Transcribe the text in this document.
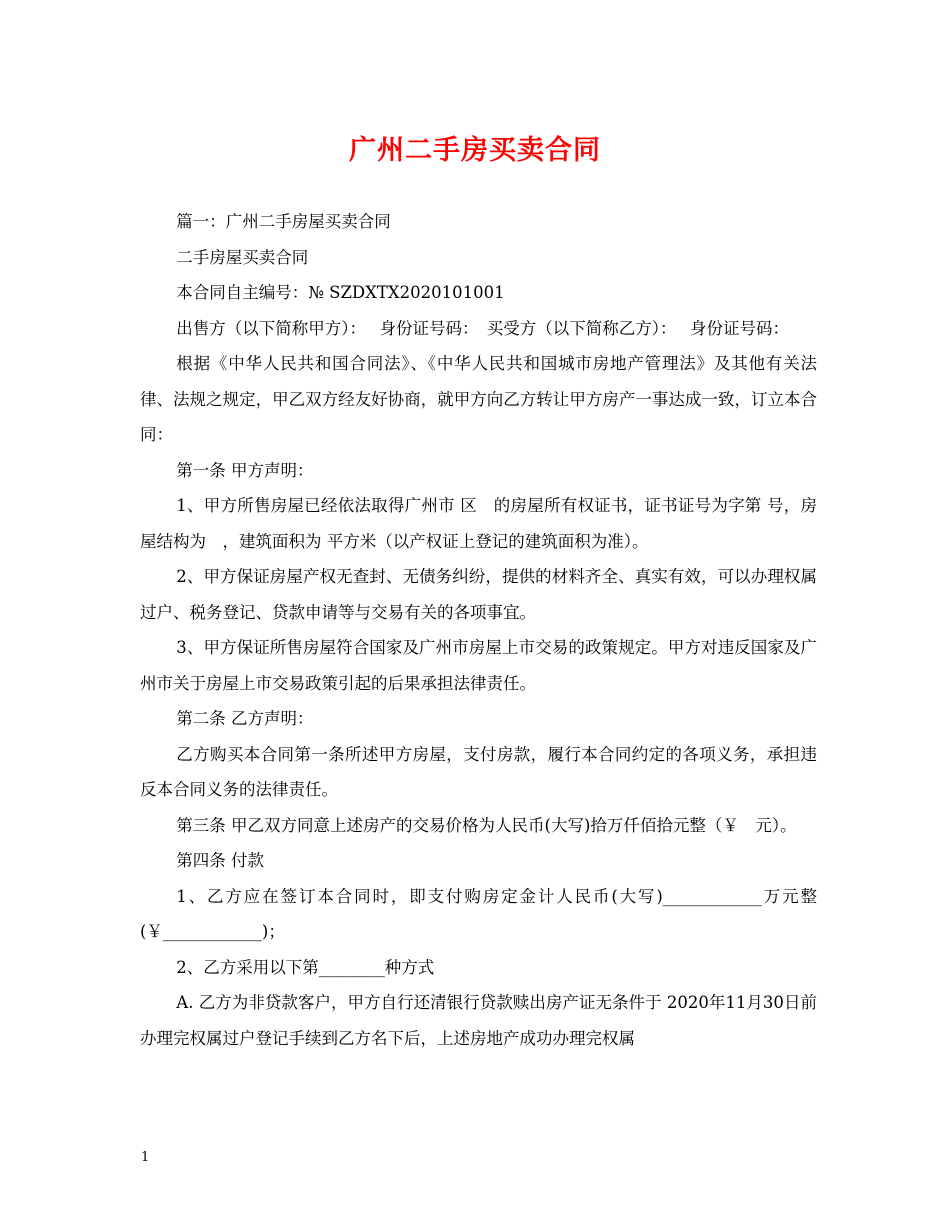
广州二手房买卖合同

篇一：广州二手房屋买卖合同

二手房屋买卖合同

本合同自主编号：№ SZDXTX2020101001

出售方（以下简称甲方）：　 身份证号码：　买受方（以下简称乙方）：　 身份证号码：

根据《中华人民共和国合同法》、《中华人民共和国城市房地产管理法》及其他有关法律、法规之规定，甲乙双方经友好协商，就甲方向乙方转让甲方房产一事达成一致，订立本合同：

第一条 甲方声明：

1、甲方所售房屋已经依法取得广州市 区　的房屋所有权证书，证书证号为字第 号，房屋结构为　，建筑面积为 平方米（以产权证上登记的建筑面积为准）。

2、甲方保证房屋产权无查封、无债务纠纷，提供的材料齐全、真实有效，可以办理权属过户、税务登记、贷款申请等与交易有关的各项事宜。

3、甲方保证所售房屋符合国家及广州市房屋上市交易的政策规定。甲方对违反国家及广州市关于房屋上市交易政策引起的后果承担法律责任。

第二条 乙方声明：

乙方购买本合同第一条所述甲方房屋，支付房款，履行本合同约定的各项义务，承担违反本合同义务的法律责任。

第三条 甲乙双方同意上述房产的交易价格为人民币(大写)拾万仟佰拾元整（￥　元）。

第四条 付款

1、乙方应在签订本合同时，即支付购房定金计人民币(大写)____________万元整(￥____________)；

2、乙方采用以下第________种方式

A. 乙方为非贷款客户，甲方自行还清银行贷款赎出房产证无条件于 2020年11月30日前办理完权属过户登记手续到乙方名下后，上述房地产成功办理完权属

1
